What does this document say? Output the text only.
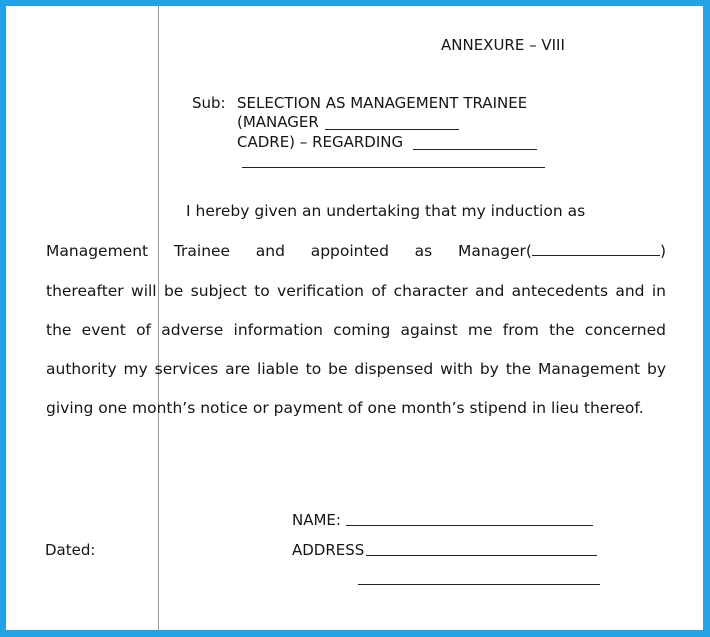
ANNEXURE – VIII
Sub: SELECTION AS MANAGEMENT TRAINEE
(MANAGER
CADRE) – REGARDING
I hereby given an undertaking that my induction as
Management Trainee and appointed as Manager(	)
thereafter will be subject to verification of character and antecedents and in
the event of adverse information coming against me from the concerned
authority my services are liable to be dispensed with by the Management by
giving one month’s notice or payment of one month’s stipend in lieu thereof.
NAME:
Dated:	ADDRESS
